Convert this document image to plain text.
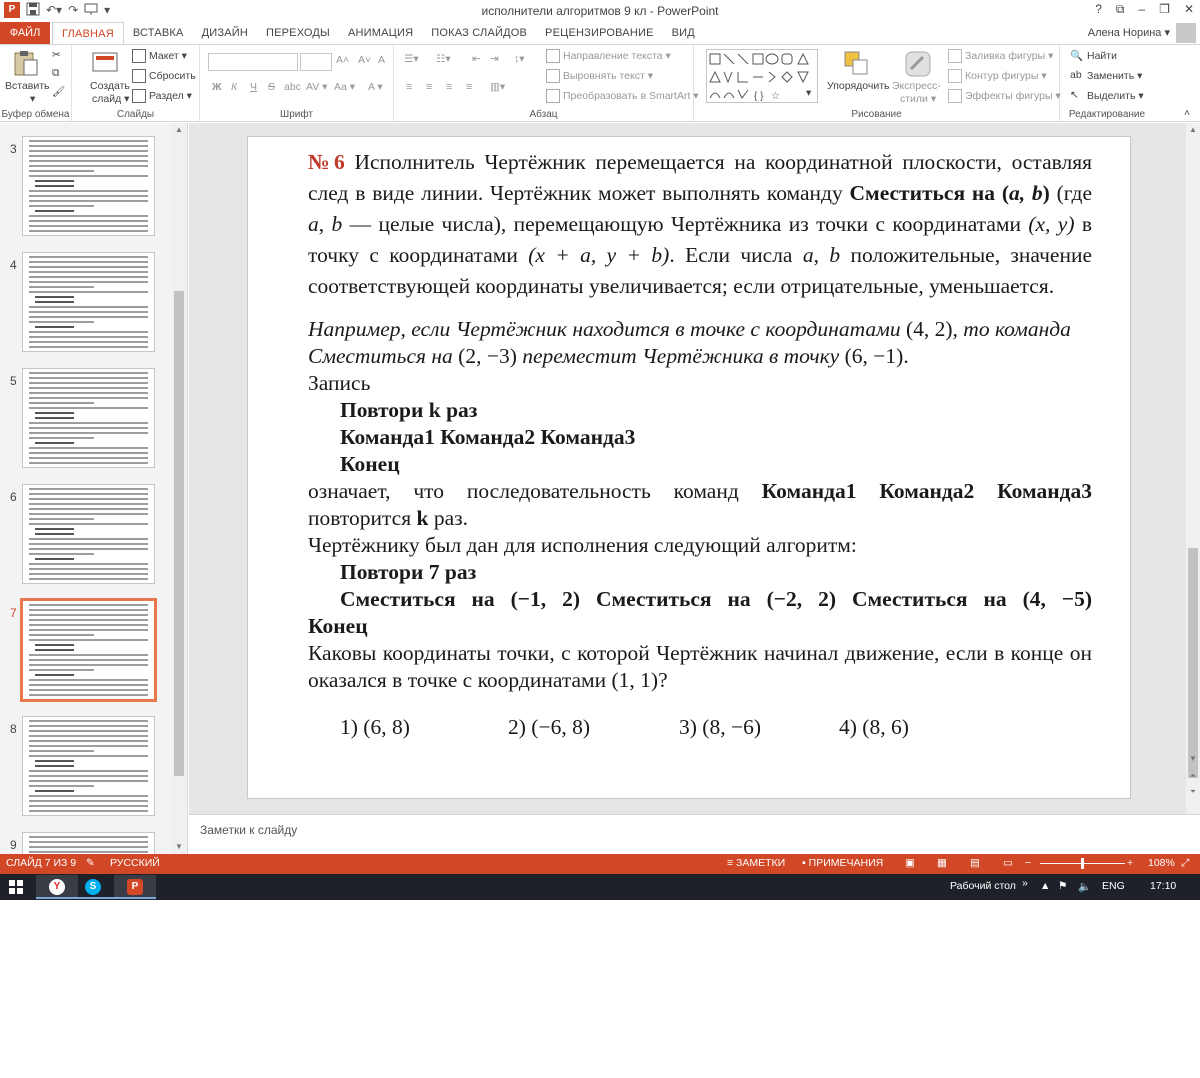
P	↶▾ ↷ ▾	исполнители алгоритмов 9 кл - PowerPoint	? ⧉ – ❐ ✕
ФАЙЛ	ГЛАВНАЯ	ВСТАВКА	ДИЗАЙН	ПЕРЕХОДЫ	АНИМАЦИЯ	ПОКАЗ СЛАЙДОВ	РЕЦЕНЗИРОВАНИЕ	ВИД	Алена Норина ▾
Вставить
▾
✂
⧉
🖌
Буфер обмена
Создать
слайд ▾
Макет ▾
Сбросить
Раздел ▾
Слайды
A˄ A˅ A
Ж К Ч S abc AV ▾ Aa ▾ A ▾
Шрифт
☰▾ ☷▾ ⇤ ⇥ ↕▾
≡ ≡ ≡ ≡ ▥▾
Направление текста ▾
Выровнять текст ▾
Преобразовать в SmartArt ▾
Абзац
{ } ☆ ▾
Упорядочить Экспресс-
стили ▾
Заливка фигуры ▾
Контур фигуры ▾
Эффекты фигуры ▾
Рисование
🔍 Найти
ab Заменить ▾
↖ Выделить ▾
Редактирование	˄
3
4
5
6
7
8
9
▲
▼
№6 Исполнитель Чертёжник перемещается на координатной плоскости, оставляя след в виде линии. Чертёжник может выполнять команду Сместиться на (a, b) (где a, b — целые числа), перемещающую Чертёжника из точки с координатами (x, y) в точку с координатами (x + a, y + b). Если числа a, b положительные, значение соответствующей координаты увеличивается; если отрицательные, уменьшается.
Например, если Чертёжник находится в точке с координатами (4, 2), то команда Сместиться на (2, −3) переместит Чертёжника в точку (6, −1).
Запись
Повтори k раз
Команда1 Команда2 Команда3
Конец
означает, что последовательность команд Команда1 Команда2 Команда3 повторится k раз.
Чертёжнику был дан для исполнения следующий алгоритм:
Повтори 7 раз
Сместиться на (−1, 2) Сместиться на (−2, 2) Сместиться на (4, −5)
Конец
Каковы координаты точки, с которой Чертёжник начинал движение, если в конце он оказался в точке с координатами (1, 1)?
1) (6, 8)	2) (−6, 8)	3) (8, −6)	4) (8, 6)
▲
▼
⏶
⏷
Заметки к слайду
СЛАЙД 7 ИЗ 9 ✎ РУССКИЙ	≡ ЗАМЕТКИ ▪ ПРИМЕЧАНИЯ ▣ ▦ ▤ ▭ −	+ 108% ⤢
Y	S	P	Рабочий стол » ▲ ⚑ 🔈 ENG 17:10
